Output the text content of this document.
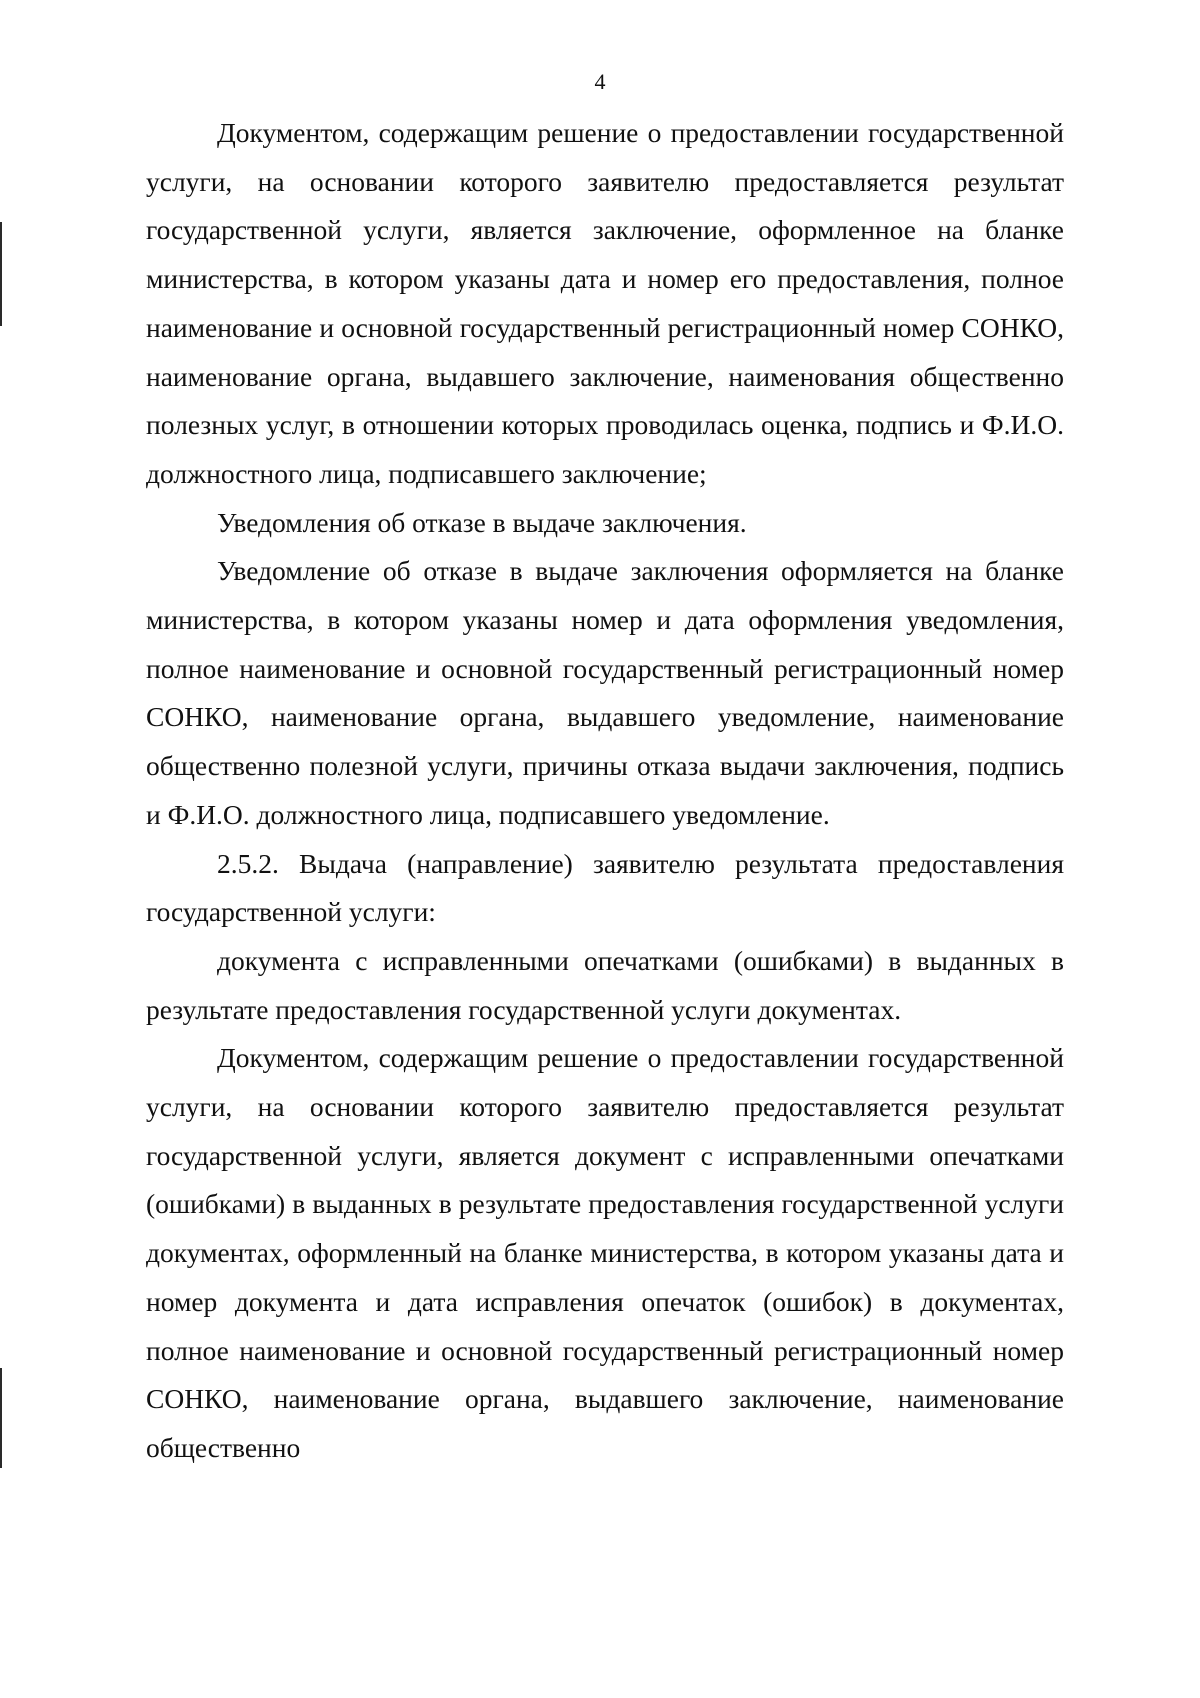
4

Документом, содержащим решение о предоставлении государственной услуги, на основании которого заявителю предоставляется результат государственной услуги, является заключение, оформленное на бланке министерства, в котором указаны дата и номер его предоставления, полное наименование и основной государственный регистрационный номер СОНКО, наименование органа, выдавшего заключение, наименования общественно полезных услуг, в отношении которых проводилась оценка, подпись и Ф.И.О. должностного лица, подписавшего заключение;

Уведомления об отказе в выдаче заключения.

Уведомление об отказе в выдаче заключения оформляется на бланке министерства, в котором указаны номер и дата оформления уведомления, полное наименование и основной государственный регистрационный номер СОНКО, наименование органа, выдавшего уведомление, наименование общественно полезной услуги, причины отказа выдачи заключения, подпись и Ф.И.О. должностного лица, подписавшего уведомление.

2.5.2. Выдача (направление) заявителю результата предоставления государственной услуги:

документа с исправленными опечатками (ошибками) в выданных в результате предоставления государственной услуги документах.

Документом, содержащим решение о предоставлении государственной услуги, на основании которого заявителю предоставляется результат государственной услуги, является документ с исправленными опечатками (ошибками) в выданных в результате предоставления государственной услуги документах, оформленный на бланке министерства, в котором указаны дата и номер документа и дата исправления опечаток (ошибок) в документах, полное наименование и основной государственный регистрационный номер СОНКО, наименование органа, выдавшего заключение, наименование общественно
